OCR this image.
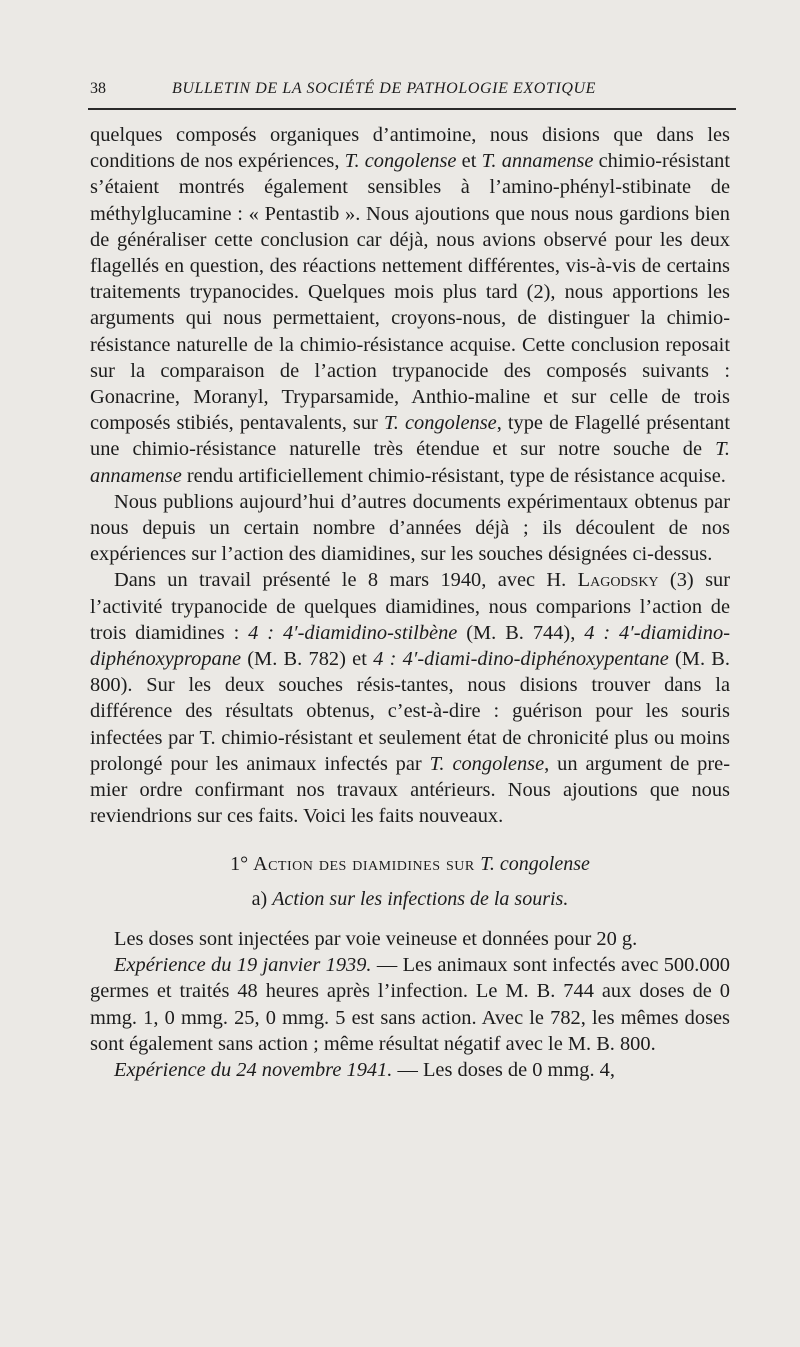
38	BULLETIN DE LA SOCIÉTÉ DE PATHOLOGIE EXOTIQUE

quelques composés organiques d’antimoine, nous disions que dans les conditions de nos expériences, T. congolense et T. annamense chimio-résistant s’étaient montrés également sensibles à l’amino-phényl-stibinate de méthylglucamine : « Pentastib ». Nous ajoutions que nous nous gardions bien de généraliser cette conclusion car déjà, nous avions observé pour les deux flagellés en question, des réactions nettement différentes, vis-à-vis de certains traitements trypanocides. Quelques mois plus tard (2), nous apportions les arguments qui nous permettaient, croyons-nous, de distinguer la chimio-résistance naturelle de la chimio-résistance acquise. Cette conclusion reposait sur la comparaison de l’action trypanocide des composés suivants : Gonacrine, Moranyl, Tryparsamide, Anthio-maline et sur celle de trois composés stibiés, pentavalents, sur T. congolense, type de Flagellé présentant une chimio-résistance naturelle très étendue et sur notre souche de T. annamense rendu artificiellement chimio-résistant, type de résistance acquise.

Nous publions aujourd’hui d’autres documents expérimentaux obtenus par nous depuis un certain nombre d’années déjà ; ils découlent de nos expériences sur l’action des diamidines, sur les souches désignées ci-dessus.

Dans un travail présenté le 8 mars 1940, avec H. Lagodsky (3) sur l’activité trypanocide de quelques diamidines, nous comparions l’action de trois diamidines : 4 : 4′-diamidino-stilbène (M. B. 744), 4 : 4′-diamidino-diphénoxypropane (M. B. 782) et 4 : 4′-diami-dino-diphénoxypentane (M. B. 800). Sur les deux souches résis-tantes, nous disions trouver dans la différence des résultats obtenus, c’est-à-dire : guérison pour les souris infectées par T. chimio-résistant et seulement état de chronicité plus ou moins prolongé pour les animaux infectés par T. congolense, un argument de pre-mier ordre confirmant nos travaux antérieurs. Nous ajoutions que nous reviendrions sur ces faits. Voici les faits nouveaux.

1° Action des diamidines sur T. congolense
a) Action sur les infections de la souris.

Les doses sont injectées par voie veineuse et données pour 20 g.

Expérience du 19 janvier 1939. — Les animaux sont infectés avec 500.000 germes et traités 48 heures après l’infection. Le M. B. 744 aux doses de 0 mmg. 1, 0 mmg. 25, 0 mmg. 5 est sans action. Avec le 782, les mêmes doses sont également sans action ; même résultat négatif avec le M. B. 800.

Expérience du 24 novembre 1941. — Les doses de 0 mmg. 4,
